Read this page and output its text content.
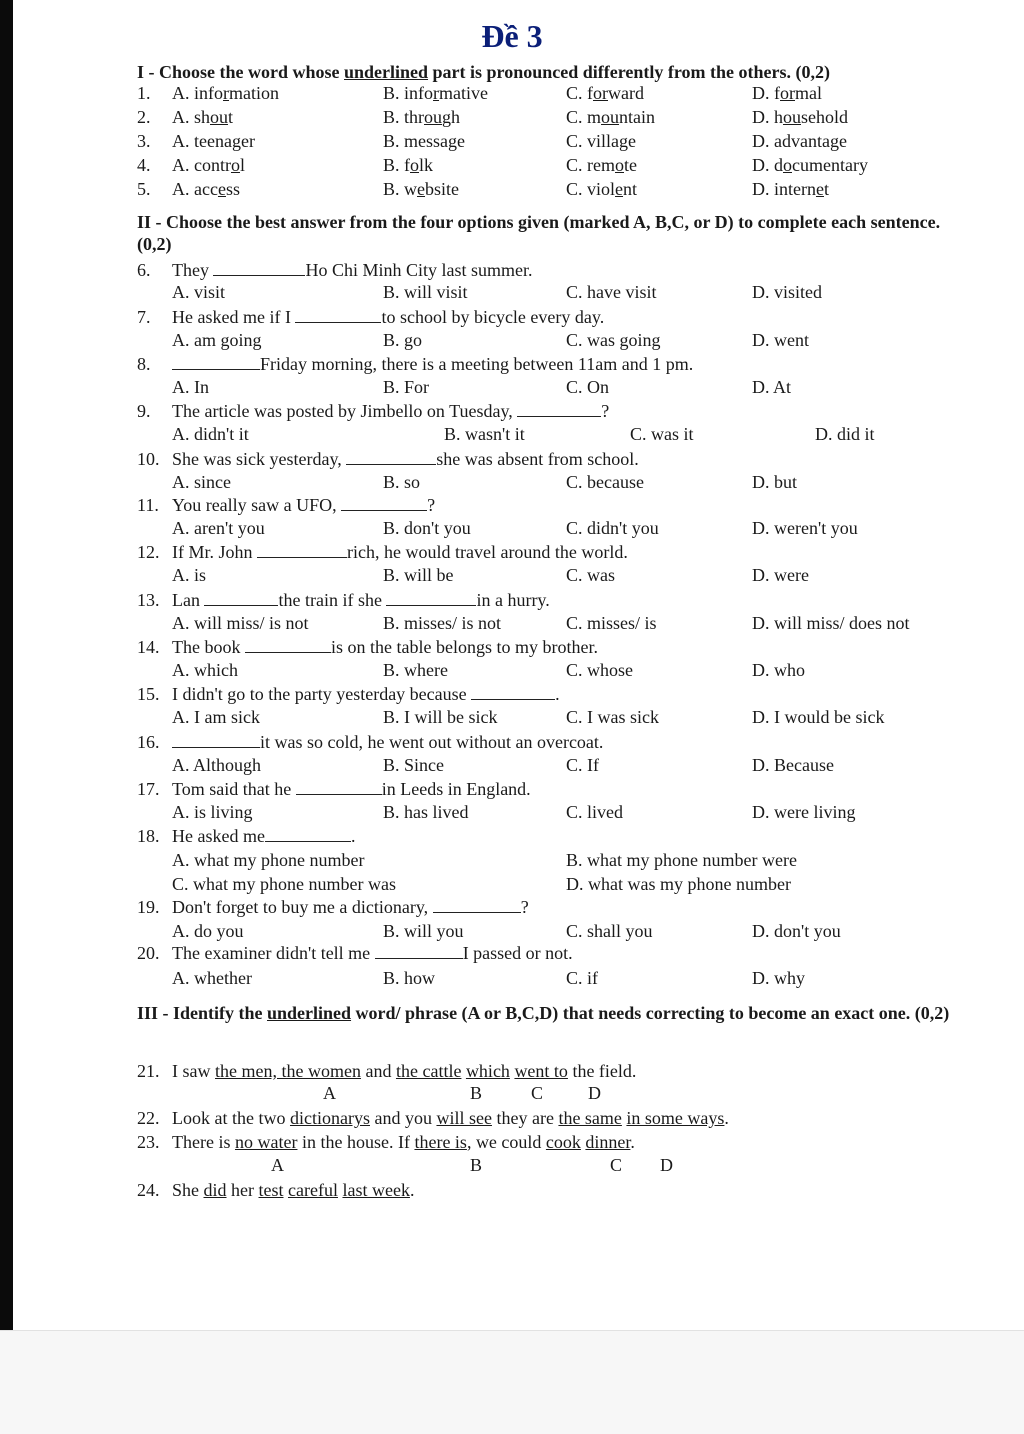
Đề 3
I - Choose the word whose underlined part is pronounced differently from the others. (0,2)
1. A. information	B. informative	C. forward	D. formal
2. A. shout	B. through	C. mountain	D. household
3. A. teenager	B. message	C. village	D. advantage
4. A. control	B. folk	C. remote	D. documentary
5. A. access	B. website	C. violent	D. internet
II - Choose the best answer from the four options given (marked A, B,C, or D) to complete each sentence. (0,2)
6. They	Ho Chi Minh City last summer.
A. visit	B. will visit	C. have visit	D. visited
7. He asked me if I	to school by bicycle every day.
A. am going	B. go	C. was going	D. went
8.	Friday morning, there is a meeting between 11am and 1 pm.
A. In	B. For	C. On	D. At
9. The article was posted by Jimbello on Tuesday,	?
A. didn't it	B. wasn't it	C. was it	D. did it
10. She was sick yesterday,	she was absent from school.
A. since	B. so	C. because	D. but
11. You really saw a UFO,	?
A. aren't you	B. don't you	C. didn't you	D. weren't you
12. If Mr. John	rich, he would travel around the world.
A. is	B. will be	C. was	D. were
13. Lan	the train if she	in a hurry.
A. will miss/ is not	B. misses/ is not	C. misses/ is	D. will miss/ does not
14. The book	is on the table belongs to my brother.
A. which	B. where	C. whose	D. who
15. I didn't go to the party yesterday because	.
A. I am sick	B. I will be sick	C. I was sick	D. I would be sick
16.	it was so cold, he went out without an overcoat.
A. Although	B. Since	C. If	D. Because
17. Tom said that he	in Leeds in England.
A. is living	B. has lived	C. lived	D. were living
18. He asked me	.
A. what my phone number	B. what my phone number were
C. what my phone number was	D. what was my phone number
19. Don't forget to buy me a dictionary,	?
A. do you	B. will you	C. shall you	D. don't you
20. The examiner didn't tell me	I passed or not.
A. whether	B. how	C. if	D. why
III - Identify the underlined word/ phrase (A or B,C,D) that needs correcting to become an exact one. (0,2)
21. I saw the men, the women and the cattle which went to the field.
A	B	C D
22. Look at the two dictionarys and you will see they are the same in some ways.
23. There is no water in the house. If there is, we could cook dinner.
A	B	C D
24. She did her test careful last week.
